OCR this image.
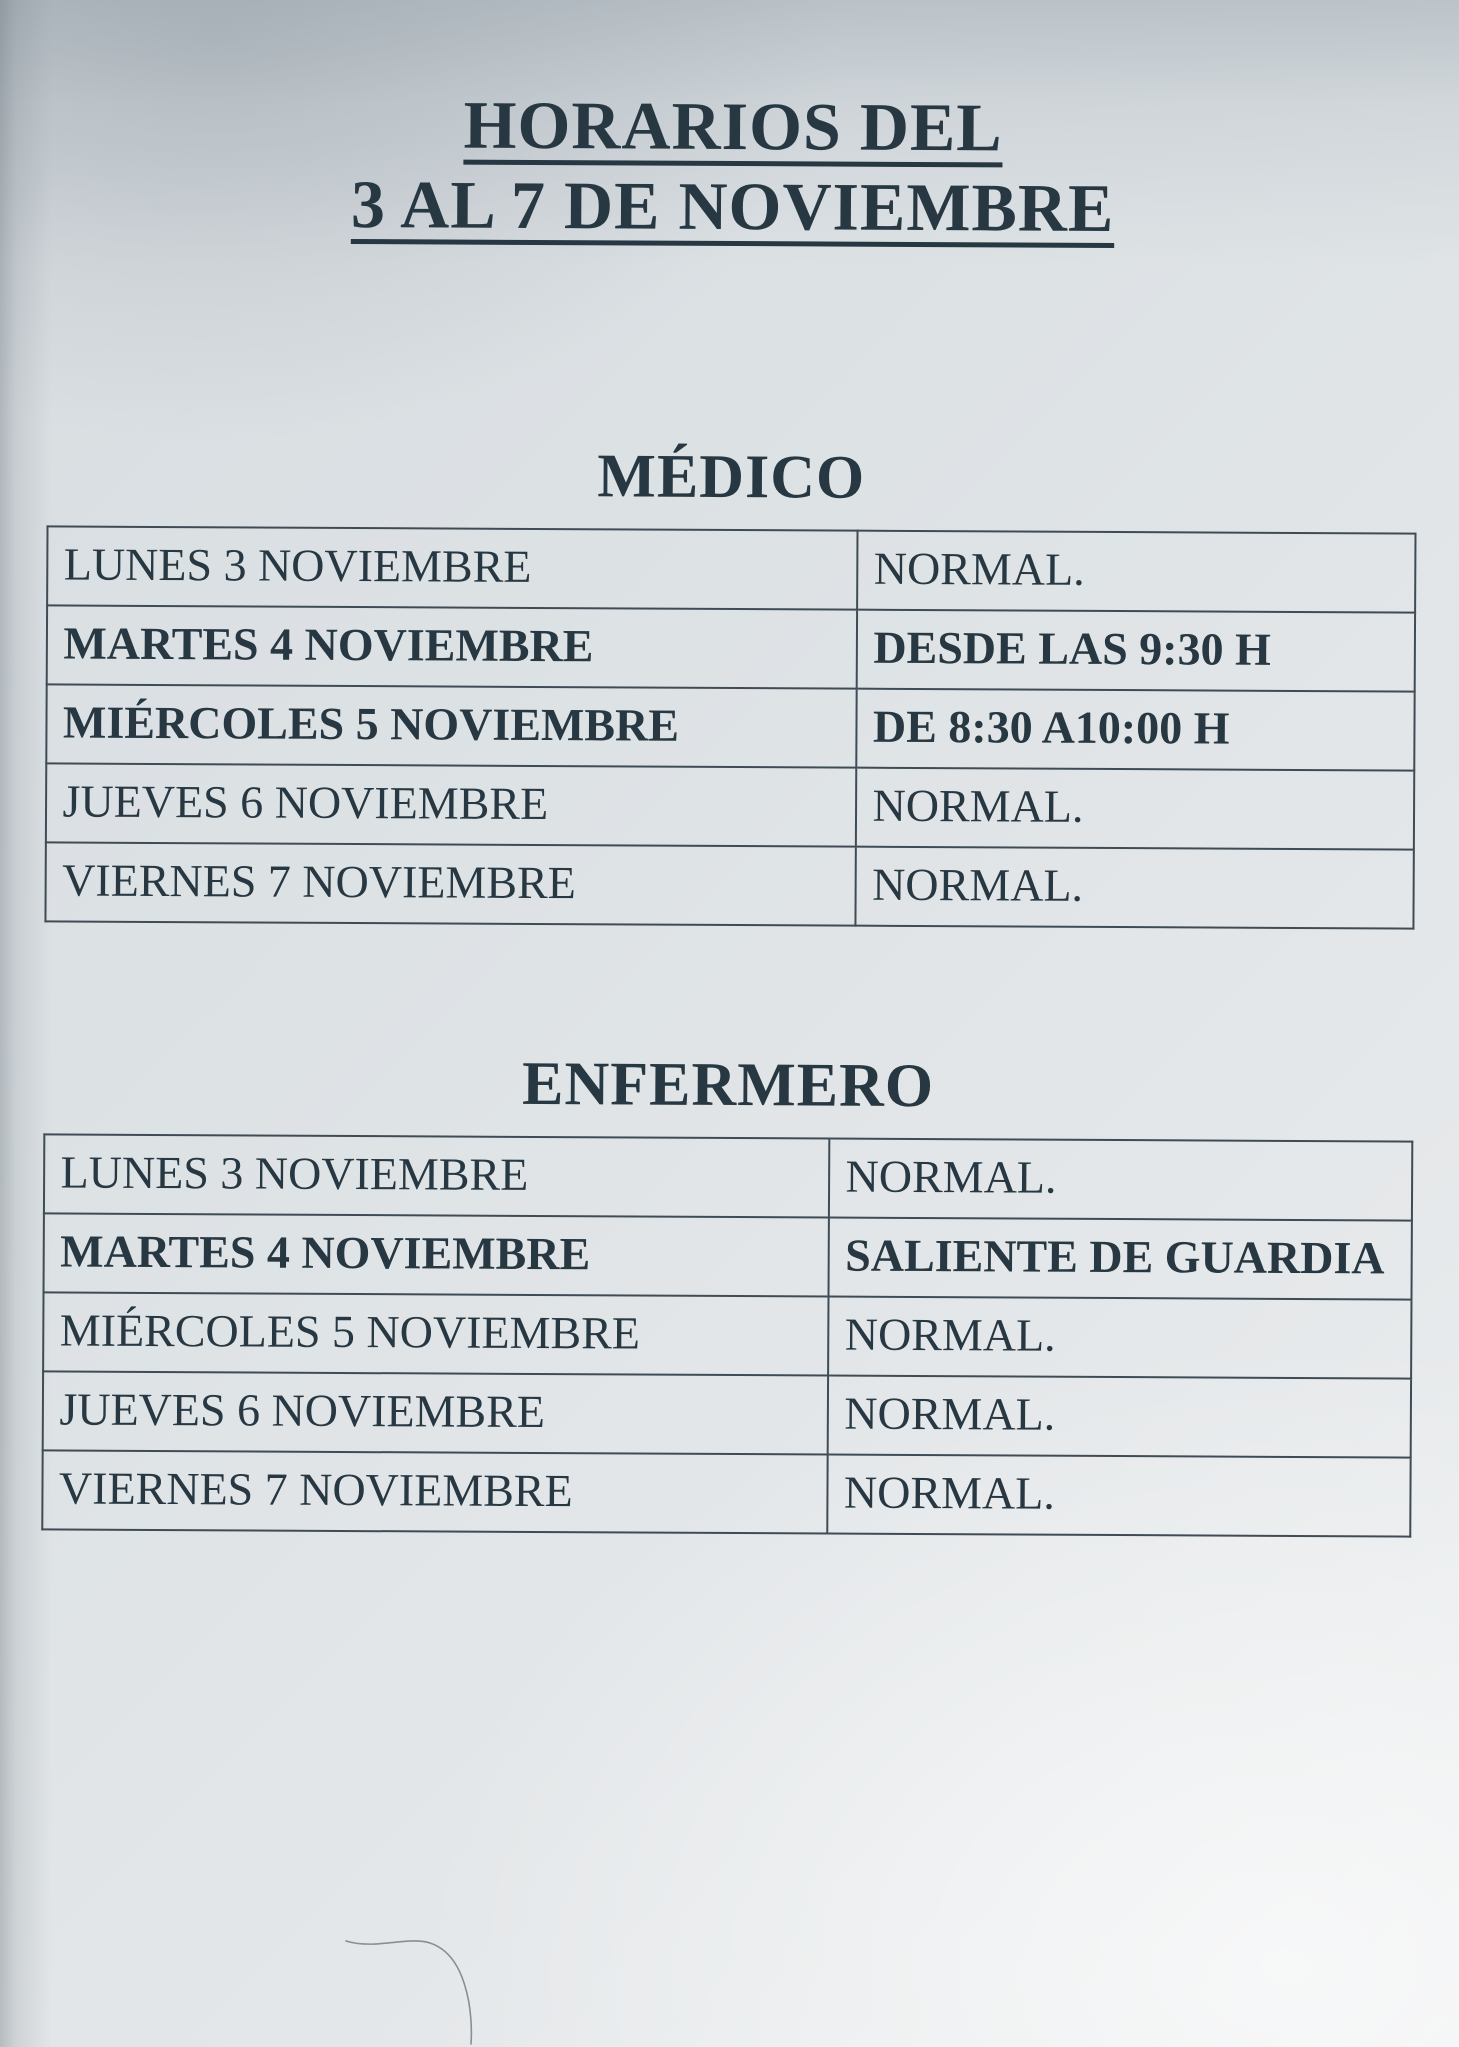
HORARIOS DEL
3 AL 7 DE NOVIEMBRE
MÉDICO
LUNES 3 NOVIEMBRE	NORMAL.
MARTES 4 NOVIEMBRE	DESDE LAS 9:30 H
MIÉRCOLES 5 NOVIEMBRE	DE 8:30 A10:00 H
JUEVES 6 NOVIEMBRE	NORMAL.
VIERNES 7 NOVIEMBRE	NORMAL.
ENFERMERO
LUNES 3 NOVIEMBRE	NORMAL.
MARTES 4 NOVIEMBRE	SALIENTE DE GUARDIA
MIÉRCOLES 5 NOVIEMBRE	NORMAL.
JUEVES 6 NOVIEMBRE	NORMAL.
VIERNES 7 NOVIEMBRE	NORMAL.
